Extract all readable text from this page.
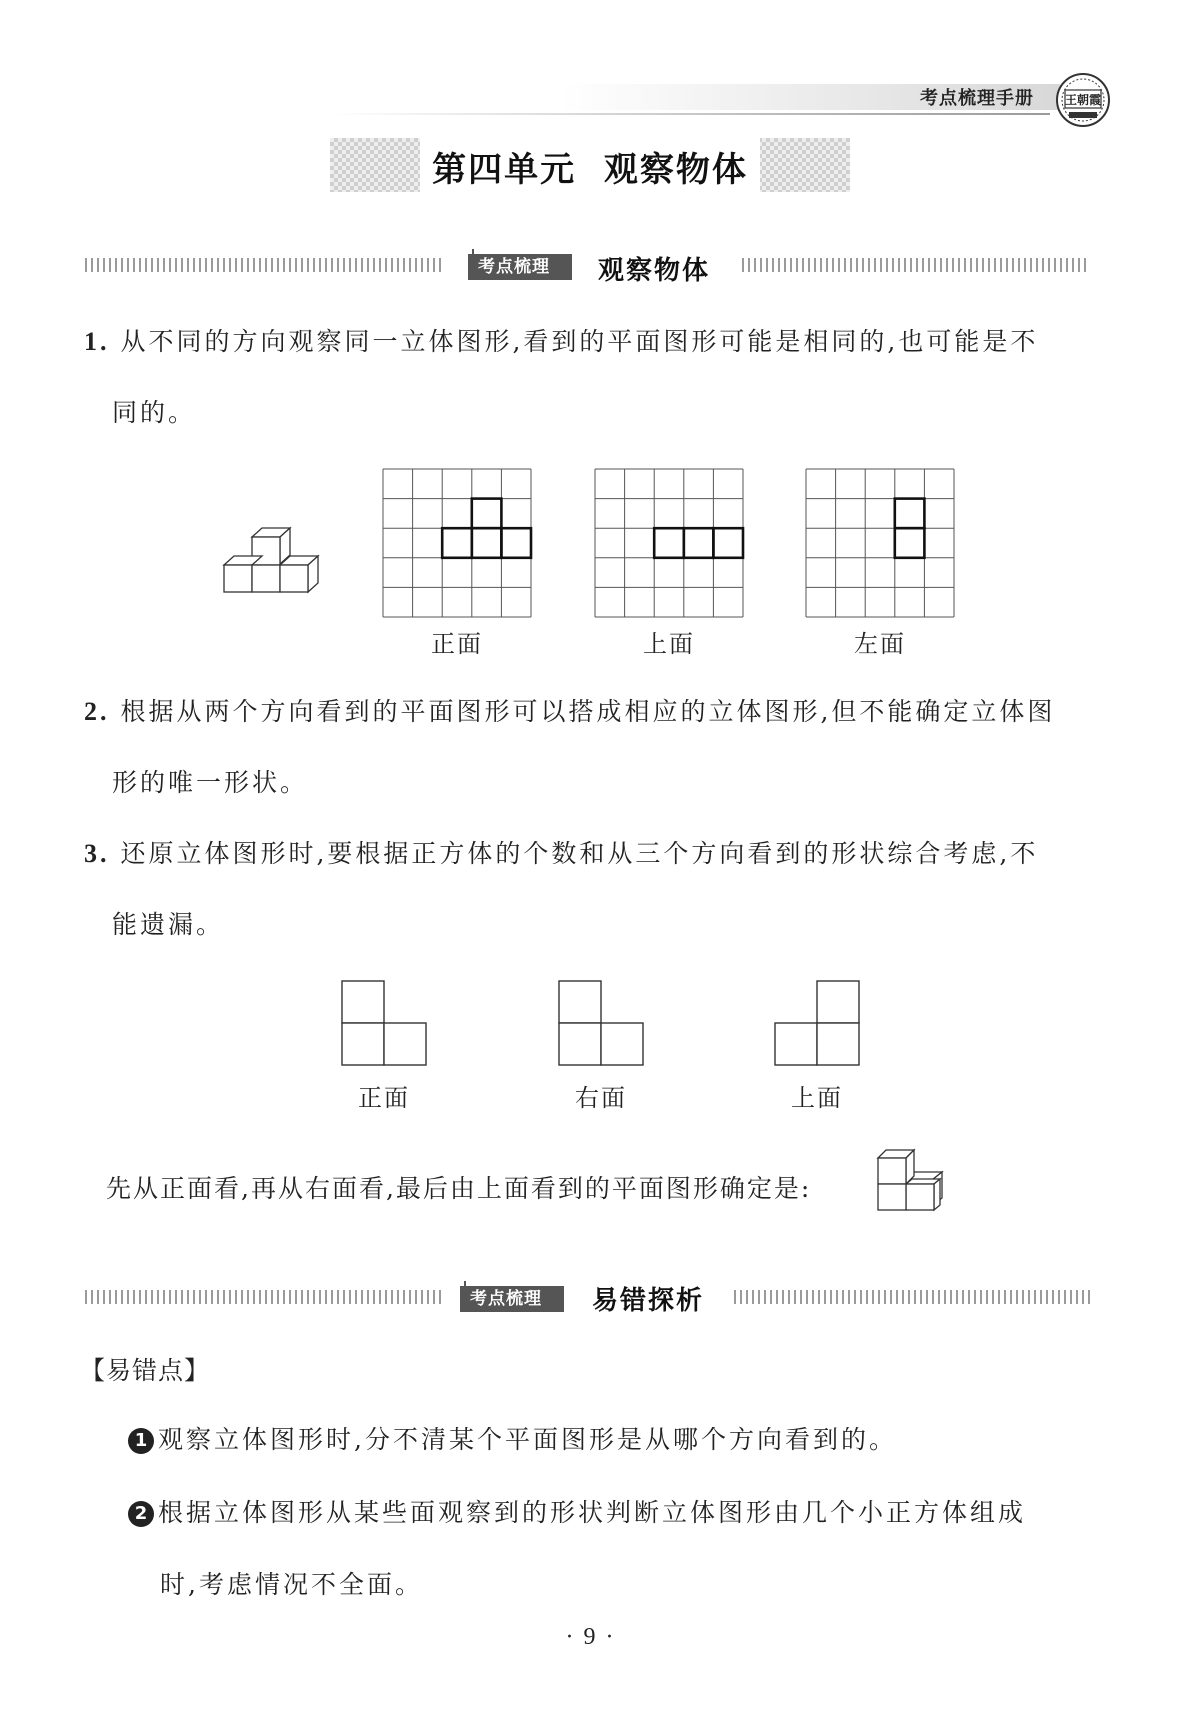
考点梳理手册	王朝霞
第四单元  观察物体
考点梳理	观察物体
1. 从不同的方向观察同一立体图形,看到的平面图形可能是相同的,也可能是不
同的。
正面	上面	左面
2. 根据从两个方向看到的平面图形可以搭成相应的立体图形,但不能确定立体图
形的唯一形状。
3. 还原立体图形时,要根据正方体的个数和从三个方向看到的形状综合考虑,不
能遗漏。
正面	右面	上面
先从正面看,再从右面看,最后由上面看到的平面图形确定是:
考点梳理	易错探析
【易错点】
1 观察立体图形时,分不清某个平面图形是从哪个方向看到的。
2 根据立体图形从某些面观察到的形状判断立体图形由几个小正方体组成
时,考虑情况不全面。
· 9 ·
